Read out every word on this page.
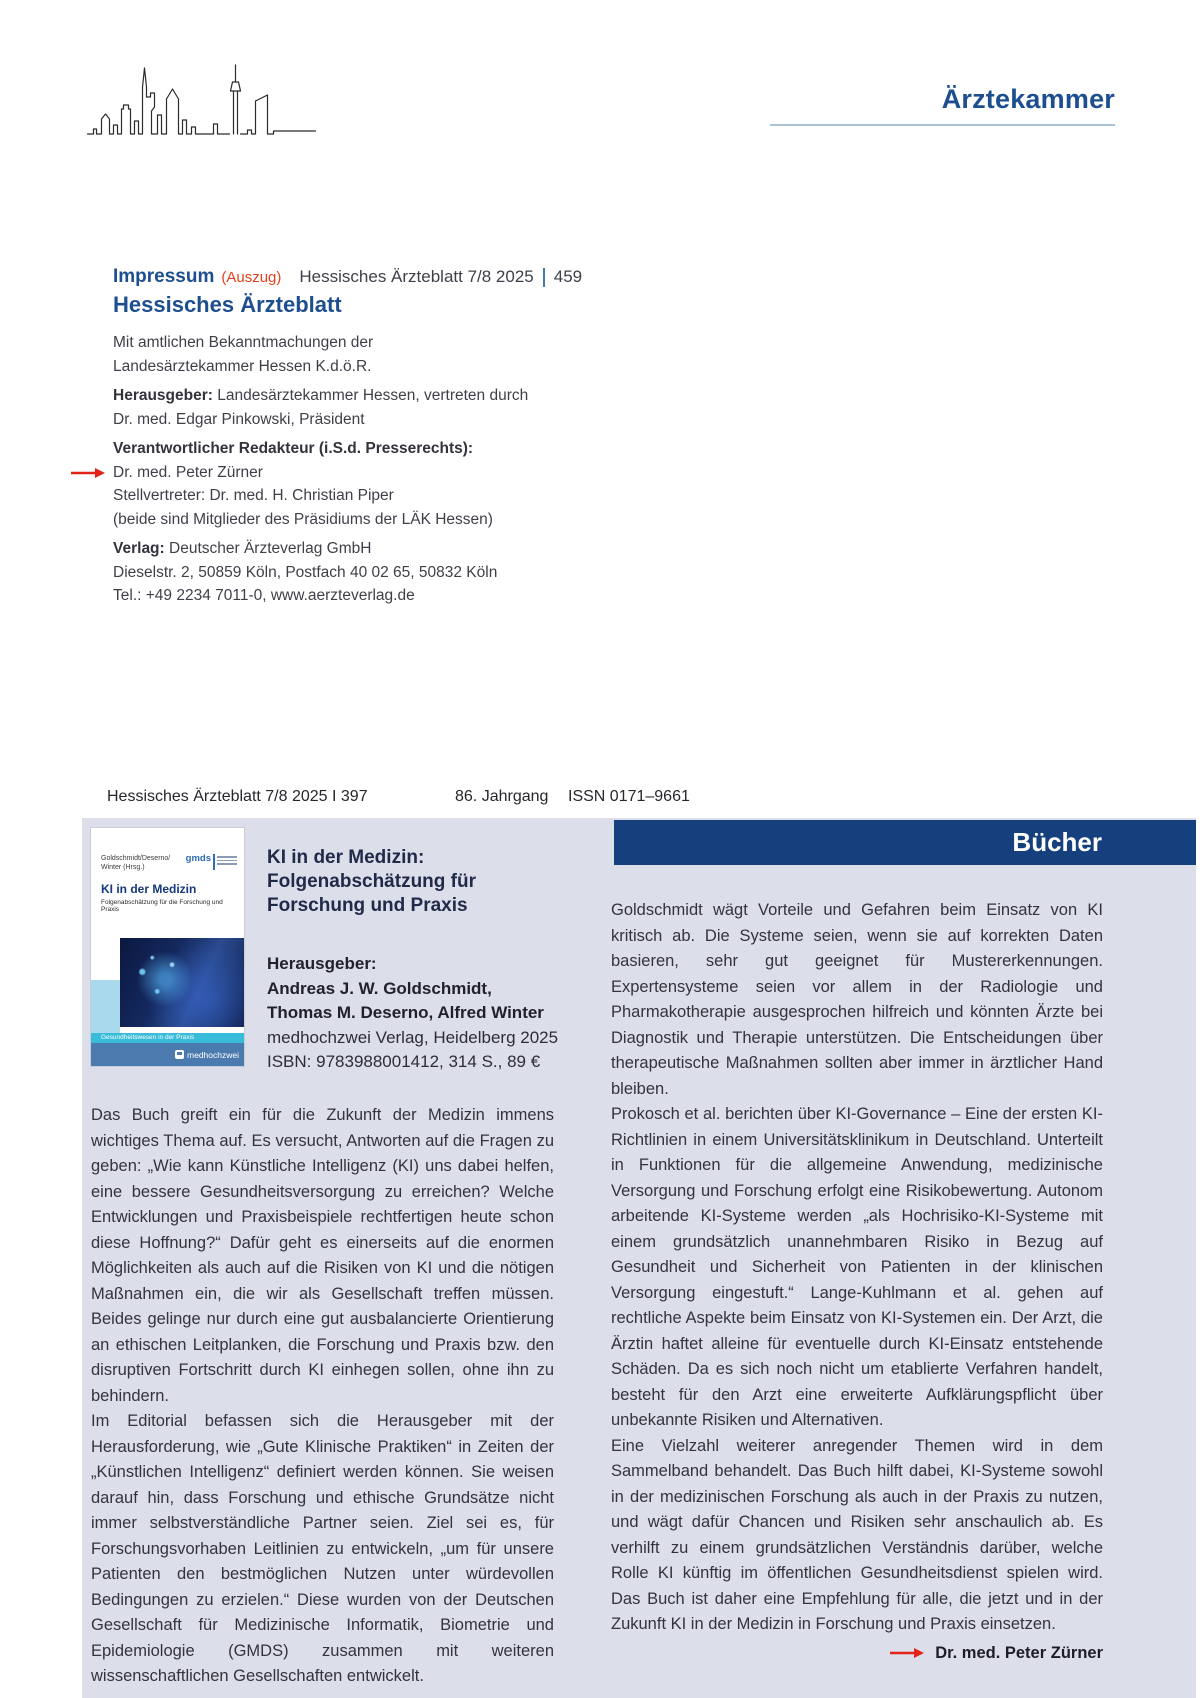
Ärztekammer
Impressum (Auszug) Hessisches Ärzteblatt 7/8 2025 459
Hessisches Ärzteblatt
Mit amtlichen Bekanntmachungen der
Landesärztekammer Hessen K.d.ö.R.
Herausgeber: Landesärztekammer Hessen, vertreten durch
Dr. med. Edgar Pinkowski, Präsident
Verantwortlicher Redakteur (i.S.d. Presserechts):
Dr. med. Peter Zürner
Stellvertreter: Dr. med. H. Christian Piper
(beide sind Mitglieder des Präsidiums der LÄK Hessen)
Verlag: Deutscher Ärzteverlag GmbH
Dieselstr. 2, 50859 Köln, Postfach 40 02 65, 50832 Köln
Tel.: +49 2234 7011-0, www.aerzteverlag.de
Hessisches Ärzteblatt 7/8 2025 I 397	86. Jahrgang ISSN 0171–9661
Bücher
Goldschmidt/Deserno/
Winter (Hrsg.)
gmds
KI in der Medizin
Folgenabschätzung für die Forschung und Praxis
Gesundheitswesen in der Praxis
medhochzwei
KI in der Medizin: Folgenabschätzung für Forschung und Praxis
Herausgeber:
Andreas J. W. Goldschmidt,
Thomas M. Deserno, Alfred Winter
medhochzwei Verlag, Heidelberg 2025
ISBN: 9783988001412, 314 S., 89 €

Das Buch greift ein für die Zukunft der Medizin immens wichtiges Thema auf. Es versucht, Antworten auf die Fragen zu geben: „Wie kann Künstliche Intelligenz (KI) uns dabei helfen, eine bessere Gesundheitsversorgung zu erreichen? Welche Entwicklungen und Praxisbeispiele rechtfertigen heute schon diese Hoffnung?“ Dafür geht es einerseits auf die enormen Möglichkeiten als auch auf die Risiken von KI und die nötigen Maßnahmen ein, die wir als Gesellschaft treffen müssen. Beides gelinge nur durch eine gut ausbalancierte Orientierung an ethischen Leitplanken, die Forschung und Praxis bzw. den disruptiven Fortschritt durch KI einhegen sollen, ohne ihn zu behindern.

Im Editorial befassen sich die Herausgeber mit der Herausforderung, wie „Gute Klinische Praktiken“ in Zeiten der „Künstlichen Intelligenz“ definiert werden können. Sie weisen darauf hin, dass Forschung und ethische Grundsätze nicht immer selbstverständliche Partner seien. Ziel sei es, für Forschungsvorhaben Leitlinien zu entwickeln, „um für unsere Patienten den bestmöglichen Nutzen unter würdevollen Bedingungen zu erzielen.“ Diese wurden von der Deutschen Gesellschaft für Medizinische Informatik, Biometrie und Epidemiologie (GMDS) zusammen mit weiteren wissenschaftlichen Gesellschaften entwickelt.

Goldschmidt wägt Vorteile und Gefahren beim Einsatz von KI kritisch ab. Die Systeme seien, wenn sie auf korrekten Daten basieren, sehr gut geeignet für Mustererkennungen. Expertensysteme seien vor allem in der Radiologie und Pharmakotherapie ausgesprochen hilfreich und könnten Ärzte bei Diagnostik und Therapie unterstützen. Die Entscheidungen über therapeutische Maßnahmen sollten aber immer in ärztlicher Hand bleiben.

Prokosch et al. berichten über KI-Governance – Eine der ersten KI-Richtlinien in einem Universitätsklinikum in Deutschland. Unterteilt in Funktionen für die allgemeine Anwendung, medizinische Versorgung und Forschung erfolgt eine Risikobewertung. Autonom arbeitende KI-Systeme werden „als Hochrisiko-KI-Systeme mit einem grundsätzlich unannehmbaren Risiko in Bezug auf Gesundheit und Sicherheit von Patienten in der klinischen Versorgung eingestuft.“ Lange-Kuhlmann et al. gehen auf rechtliche Aspekte beim Einsatz von KI-Systemen ein. Der Arzt, die Ärztin haftet alleine für eventuelle durch KI-Einsatz entstehende Schäden. Da es sich noch nicht um etablierte Verfahren handelt, besteht für den Arzt eine erweiterte Aufklärungspflicht über unbekannte Risiken und Alternativen.

Eine Vielzahl weiterer anregender Themen wird in dem Sammelband behandelt. Das Buch hilft dabei, KI-Systeme sowohl in der medizinischen Forschung als auch in der Praxis zu nutzen, und wägt dafür Chancen und Risiken sehr anschaulich ab. Es verhilft zu einem grundsätzlichen Verständnis darüber, welche Rolle KI künftig im öffentlichen Gesundheitsdienst spielen wird. Das Buch ist daher eine Empfehlung für alle, die jetzt und in der Zukunft KI in der Medizin in Forschung und Praxis einsetzen.

Dr. med. Peter Zürner
